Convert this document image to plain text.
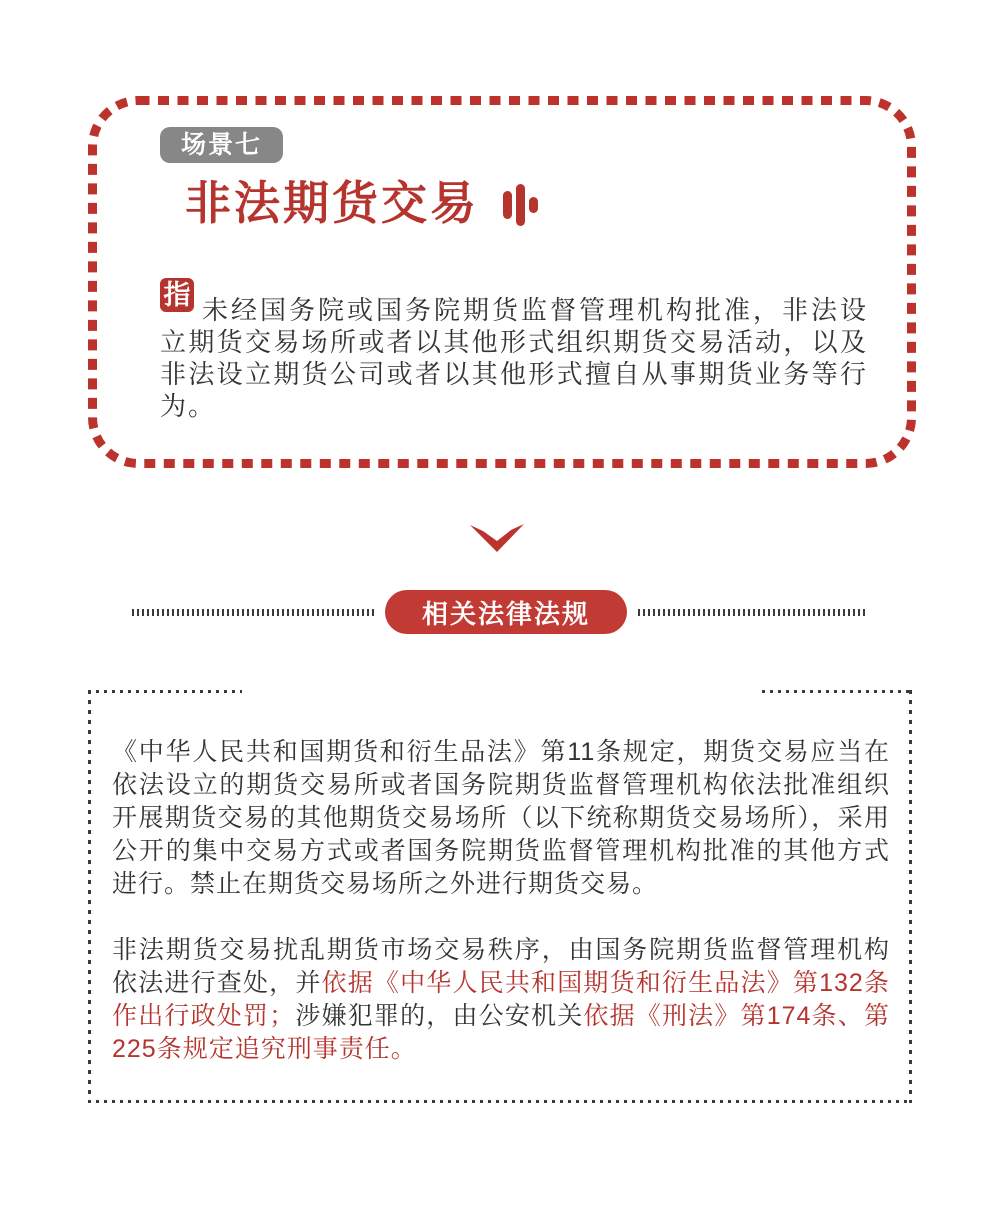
场景七
非法期货交易

指 未经国务院或国务院期货监督管理机构批准，非法设立期货交易场所或者以其他形式组织期货交易活动，以及非法设立期货公司或者以其他形式擅自从事期货业务等行为。

相关法律法规

《中华人民共和国期货和衍生品法》第11条规定，期货交易应当在依法设立的期货交易所或者国务院期货监督管理机构依法批准组织开展期货交易的其他期货交易场所（以下统称期货交易场所），采用公开的集中交易方式或者国务院期货监督管理机构批准的其他方式进行。禁止在期货交易场所之外进行期货交易。

非法期货交易扰乱期货市场交易秩序，由国务院期货监督管理机构依法进行查处，并依据《中华人民共和国期货和衍生品法》第132条作出行政处罚；涉嫌犯罪的，由公安机关依据《刑法》第174条、第225条规定追究刑事责任。
